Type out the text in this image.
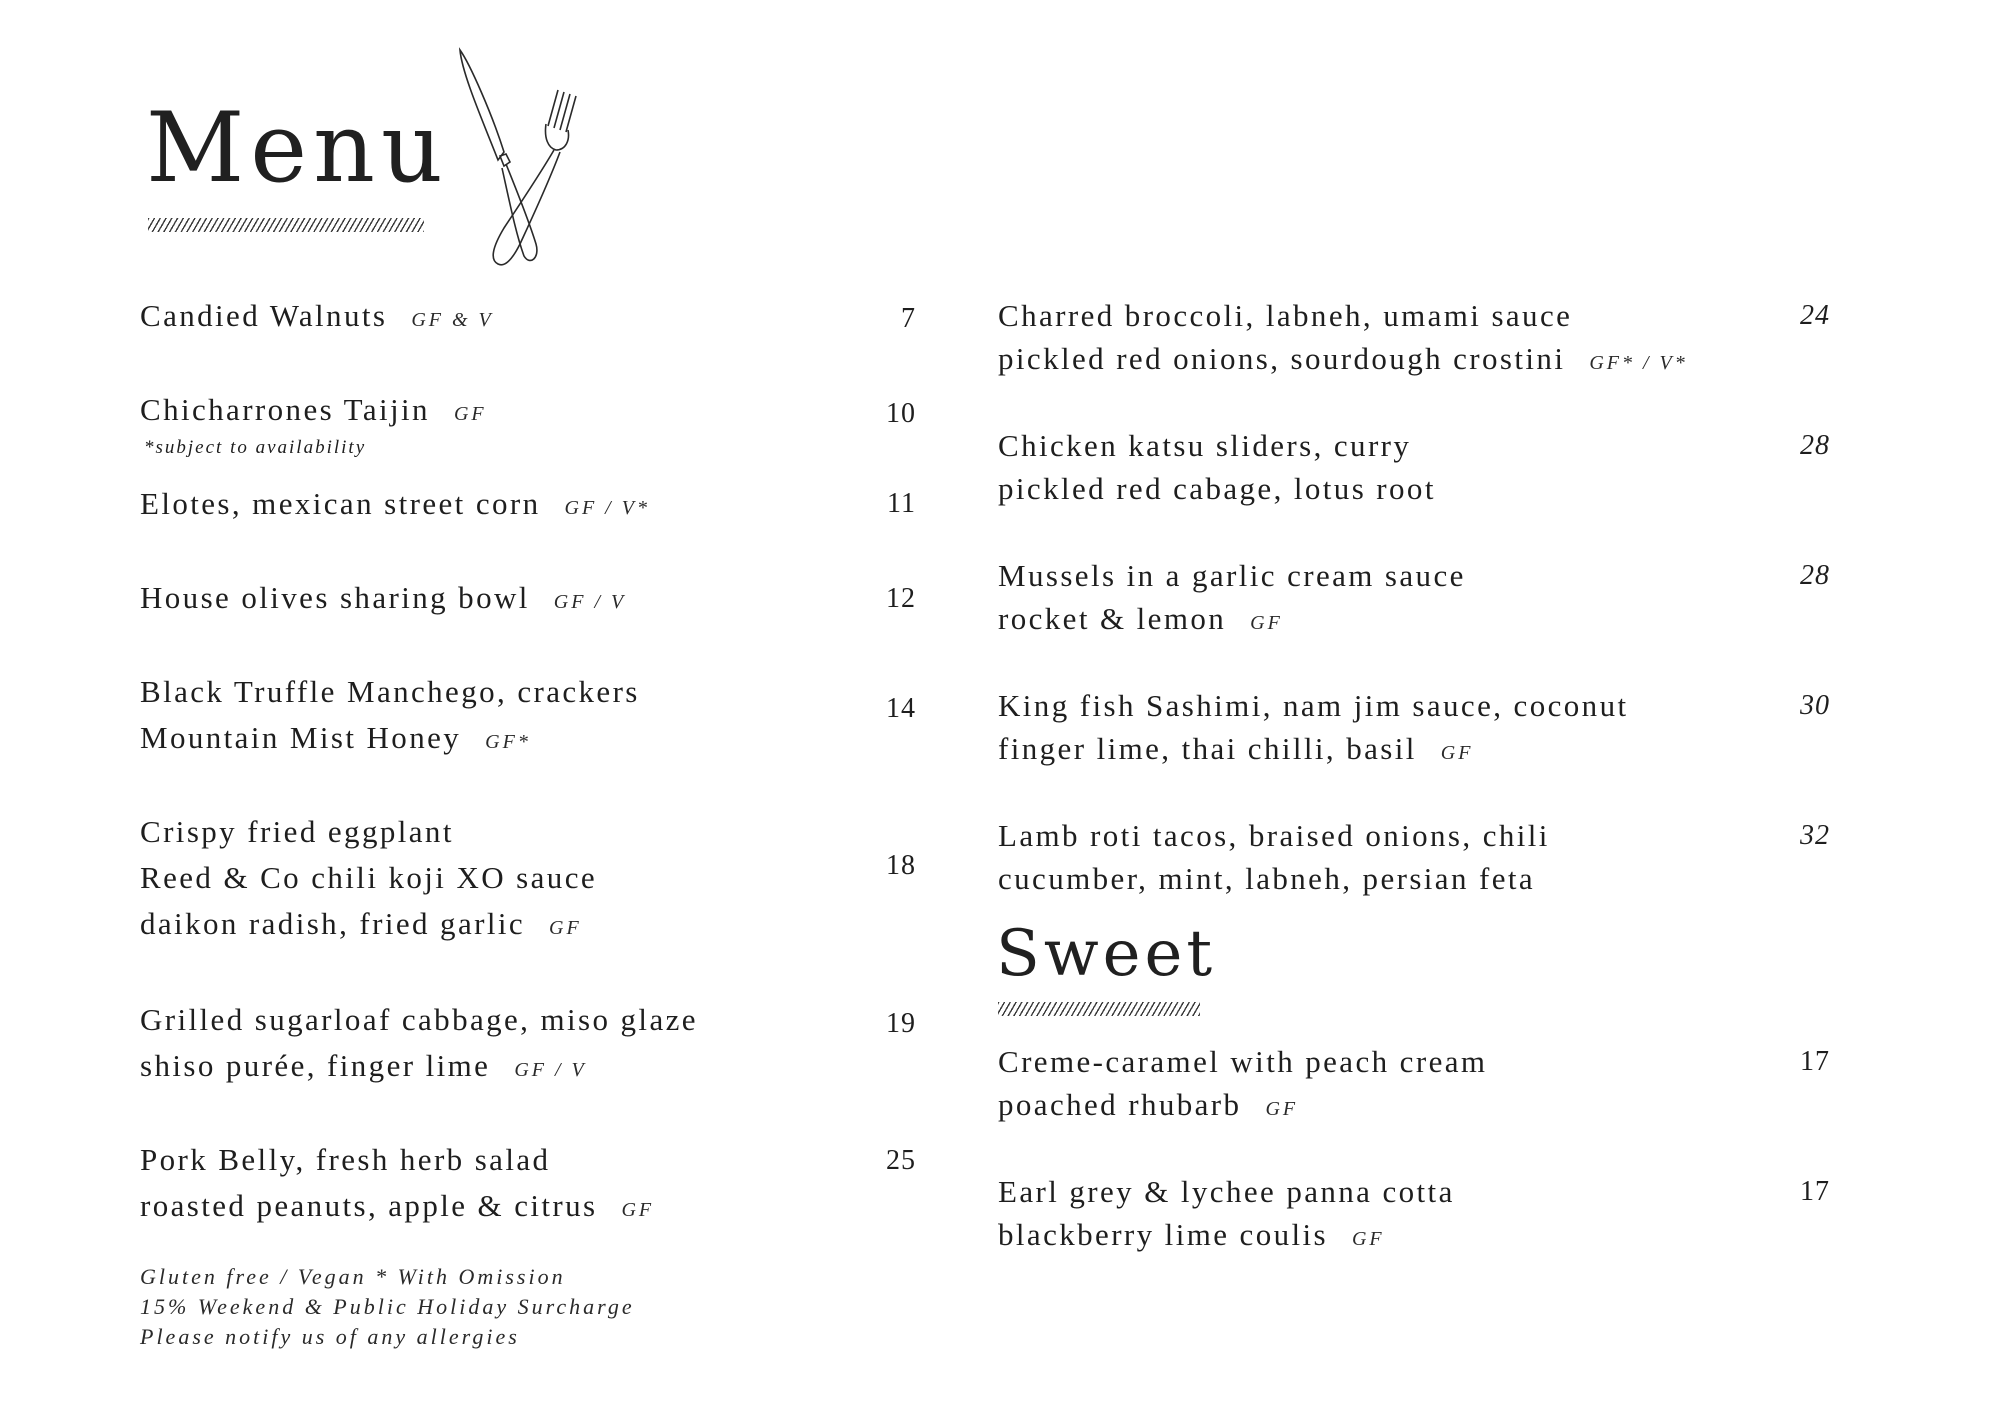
Menu
Candied Walnuts GF & V	7
Chicharrones Taijin GF
*subject to availability
10
Elotes, mexican street corn GF / V*	11
House olives sharing bowl GF / V	12
Black Truffle Manchego, crackers
Mountain Mist Honey GF*
14
Crispy fried eggplant
Reed & Co chili koji XO sauce
daikon radish, fried garlic GF
18
Grilled sugarloaf cabbage, miso glaze
shiso purée, finger lime GF / V
19
Pork Belly, fresh herb salad
roasted peanuts, apple & citrus GF
25
Charred broccoli, labneh, umami sauce
pickled red onions, sourdough crostini GF* / V*
24
Chicken katsu sliders, curry
pickled red cabage, lotus root
28
Mussels in a garlic cream sauce
rocket & lemon GF
28
King fish Sashimi, nam jim sauce, coconut
finger lime, thai chilli, basil GF
30
Lamb roti tacos, braised onions, chili
cucumber, mint, labneh, persian feta
32
Creme-caramel with peach cream
poached rhubarb GF
17
Earl grey & lychee panna cotta
blackberry lime coulis GF
17
Sweet
Gluten free / Vegan * With Omission
15% Weekend & Public Holiday Surcharge
Please notify us of any allergies
